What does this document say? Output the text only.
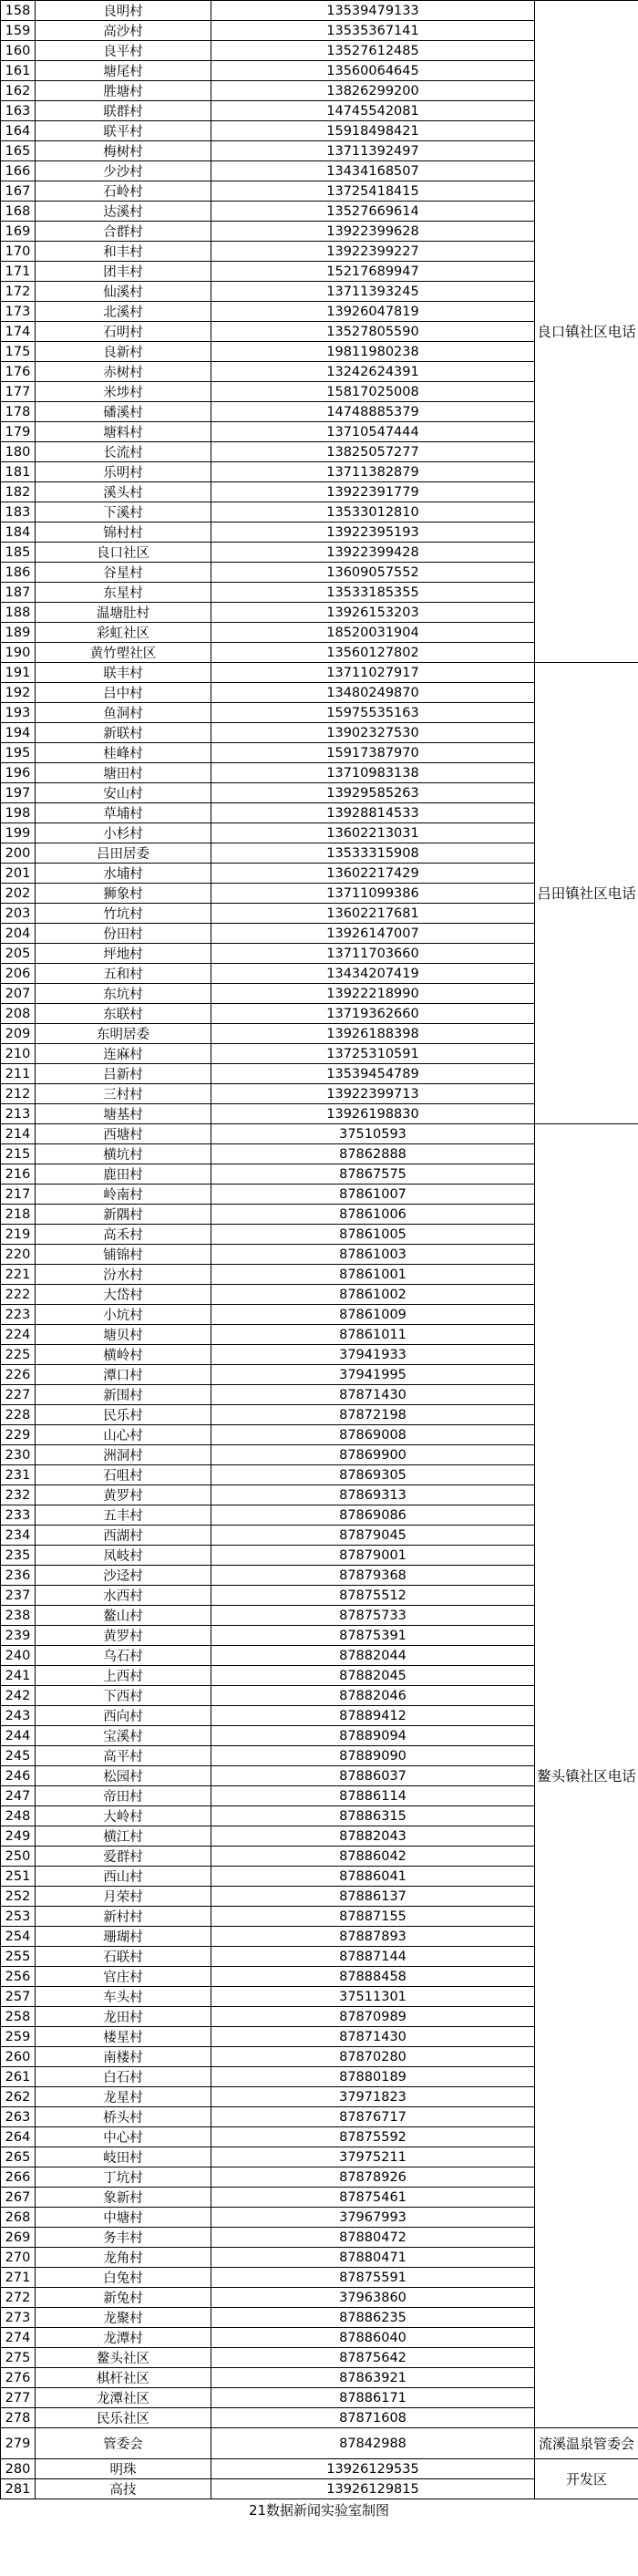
158	良明村	13539479133	良口镇社区电话
159	高沙村	13535367141	
160	良平村	13527612485	
161	塘尾村	13560064645	
162	胜塘村	13826299200	
163	联群村	14745542081	
164	联平村	15918498421	
165	梅树村	13711392497	
166	少沙村	13434168507	
167	石岭村	13725418415	
168	达溪村	13527669614	
169	合群村	13922399628	
170	和丰村	13922399227	
171	团丰村	15217689947	
172	仙溪村	13711393245	
173	北溪村	13926047819	
174	石明村	13527805590	
175	良新村	19811980238	
176	赤树村	13242624391	
177	米埗村	15817025008	
178	磻溪村	14748885379	
179	塘料村	13710547444	
180	长流村	13825057277	
181	乐明村	13711382879	
182	溪头村	13922391779	
183	下溪村	13533012810	
184	锦村村	13922395193	
185	良口社区	13922399428	
186	谷星村	13609057552	
187	东星村	13533185355	
188	温塘肚村	13926153203	
189	彩虹社区	18520031904	
190	黄竹塱社区	13560127802	
191	联丰村	13711027917	吕田镇社区电话
192	吕中村	13480249870	
193	鱼洞村	15975535163	
194	新联村	13902327530	
195	桂峰村	15917387970	
196	塘田村	13710983138	
197	安山村	13929585263	
198	草埔村	13928814533	
199	小杉村	13602213031	
200	吕田居委	13533315908	
201	水埔村	13602217429	
202	狮象村	13711099386	
203	竹坑村	13602217681	
204	份田村	13926147007	
205	坪地村	13711703660	
206	五和村	13434207419	
207	东坑村	13922218990	
208	东联村	13719362660	
209	东明居委	13926188398	
210	连麻村	13725310591	
211	吕新村	13539454789	
212	三村村	13922399713	
213	塘基村	13926198830	
214	西塘村	37510593	鳌头镇社区电话
215	横坑村	87862888	
216	鹿田村	87867575	
217	岭南村	87861007	
218	新隅村	87861006	
219	高禾村	87861005	
220	铺锦村	87861003	
221	汾水村	87861001	
222	大岱村	87861002	
223	小坑村	87861009	
224	塘贝村	87861011	
225	横岭村	37941933	
226	潭口村	37941995	
227	新围村	87871430	
228	民乐村	87872198	
229	山心村	87869008	
230	洲洞村	87869900	
231	石咀村	87869305	
232	黄罗村	87869313	
233	五丰村	87869086	
234	西湖村	87879045	
235	凤岐村	87879001	
236	沙迳村	87879368	
237	水西村	87875512	
238	鳌山村	87875733	
239	黄罗村	87875391	
240	乌石村	87882044	
241	上西村	87882045	
242	下西村	87882046	
243	西向村	87889412	
244	宝溪村	87889094	
245	高平村	87889090	
246	松园村	87886037	
247	帝田村	87886114	
248	大岭村	87886315	
249	横江村	87882043	
250	爱群村	87886042	
251	西山村	87886041	
252	月荣村	87886137	
253	新村村	87887155	
254	珊瑚村	87887893	
255	石联村	87887144	
256	官庄村	87888458	
257	车头村	37511301	
258	龙田村	87870989	
259	楼星村	87871430	
260	南楼村	87870280	
261	白石村	87880189	
262	龙星村	37971823	
263	桥头村	87876717	
264	中心村	87875592	
265	岐田村	37975211	
266	丁坑村	87878926	
267	象新村	87875461	
268	中塘村	37967993	
269	务丰村	87880472	
270	龙角村	87880471	
271	白兔村	87875591	
272	新兔村	37963860	
273	龙聚村	87886235	
274	龙潭村	87886040	
275	鳌头社区	87875642	
276	棋杆社区	87863921	
277	龙潭社区	87886171	
278	民乐社区	87871608	
279	管委会	87842988	流溪温泉管委会
280	明珠	13926129535	开发区
281	高技	13926129815	
21数据新闻实验室制图
